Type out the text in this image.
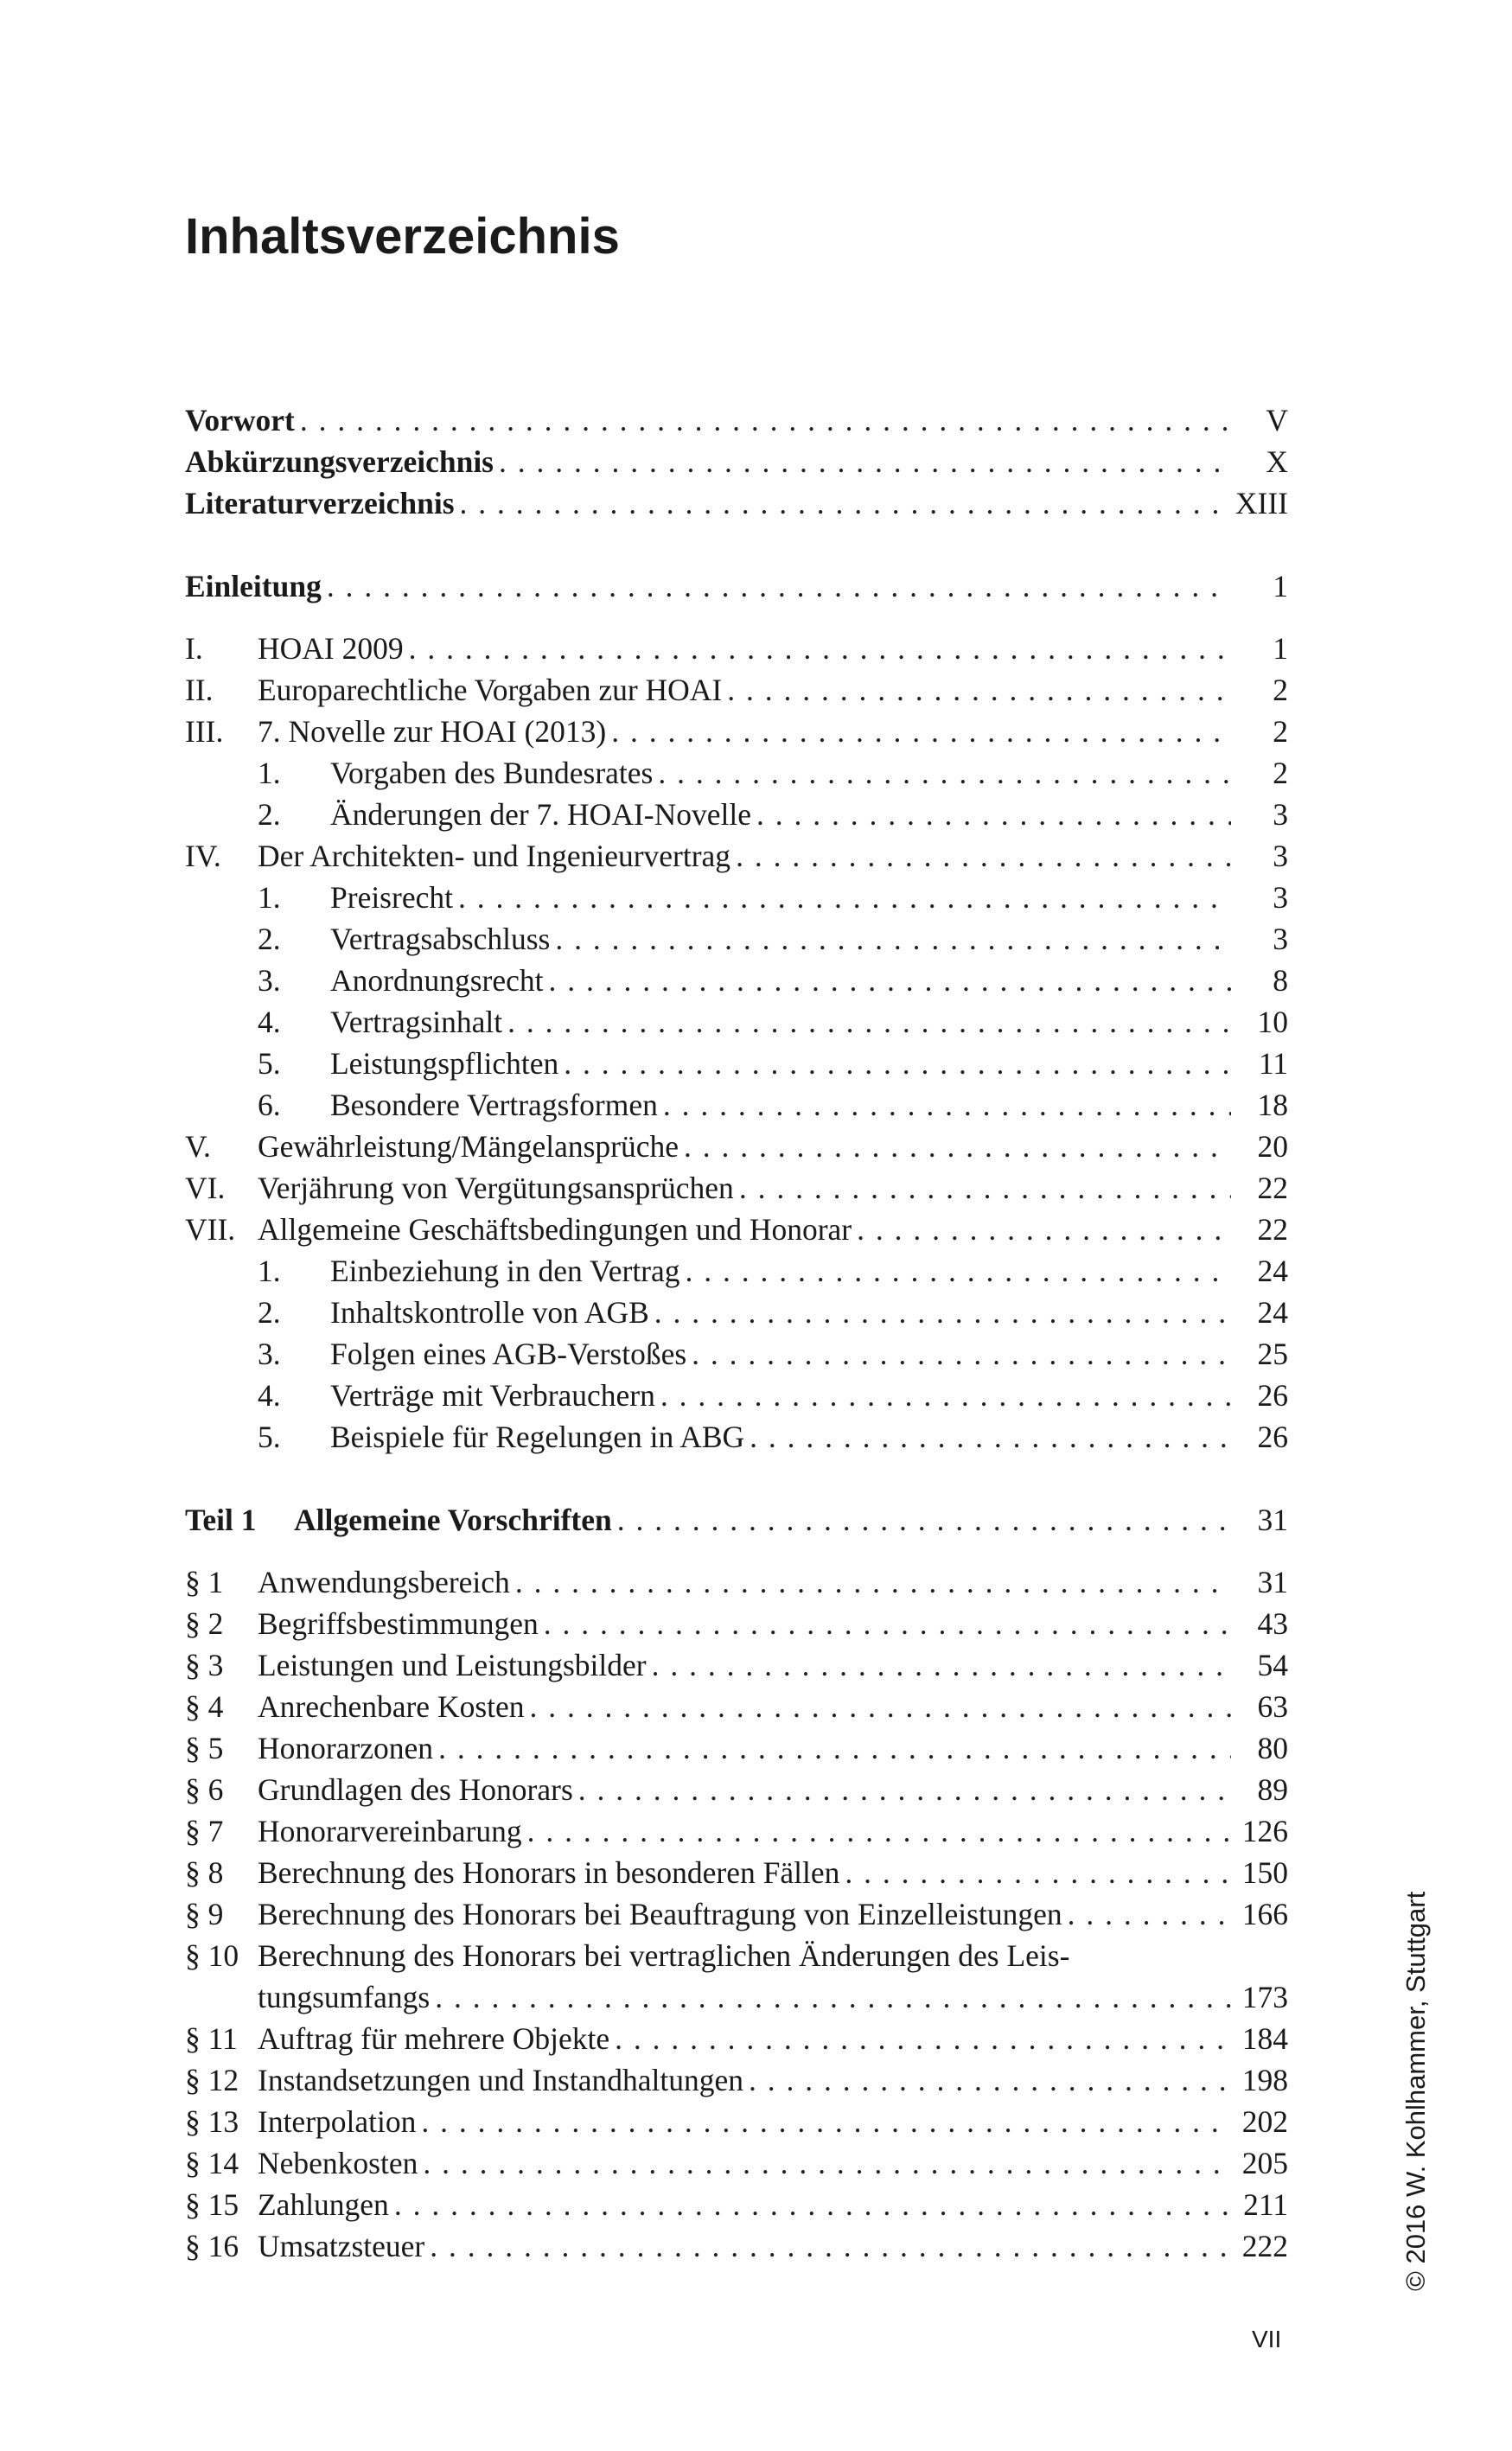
Inhaltsverzeichnis
Vorwort . . .	V
Abkürzungsverzeichnis . . .	X
Literaturverzeichnis . . .	XIII
Einleitung . . .	1
I.	HOAI 2009 . . .	1
II.	Europarechtliche Vorgaben zur HOAI . . .	2
III.	7. Novelle zur HOAI (2013) . . .	2
1.	Vorgaben des Bundesrates . . .	2
2.	Änderungen der 7. HOAI-Novelle . . .	3
IV.	Der Architekten- und Ingenieurvertrag . . .	3
1.	Preisrecht . . .	3
2.	Vertragsabschluss . . .	3
3.	Anordnungsrecht . . .	8
4.	Vertragsinhalt . . .	10
5.	Leistungspflichten . . .	11
6.	Besondere Vertragsformen . . .	18
V.	Gewährleistung/Mängelansprüche . . .	20
VI.	Verjährung von Vergütungsansprüchen . . .	22
VII. Allgemeine Geschäftsbedingungen und Honorar . . .	22
1.	Einbeziehung in den Vertrag . . .	24
2.	Inhaltskontrolle von AGB . . .	24
3.	Folgen eines AGB-Verstoßes . . .	25
4.	Verträge mit Verbrauchern . . .	26
5.	Beispiele für Regelungen in ABG . . .	26
Teil 1	Allgemeine Vorschriften . . .	31
§ 1	Anwendungsbereich . . .	31
§ 2	Begriffsbestimmungen . . .	43
§ 3	Leistungen und Leistungsbilder . . .	54
§ 4	Anrechenbare Kosten . . .	63
§ 5	Honorarzonen . . .	80
§ 6	Grundlagen des Honorars . . .	89
§ 7	Honorarvereinbarung . . .	126
§ 8	Berechnung des Honorars in besonderen Fällen . . .	150
§ 9	Berechnung des Honorars bei Beauftragung von Einzelleistungen . . .	166
§ 10 Berechnung des Honorars bei vertraglichen Änderungen des Leis-
tungsumfangs . . .	173
§ 11 Auftrag für mehrere Objekte . . .	184
§ 12 Instandsetzungen und Instandhaltungen . . .	198
§ 13 Interpolation . . .	202
§ 14 Nebenkosten . . .	205
§ 15 Zahlungen . . .	211
§ 16 Umsatzsteuer . . .	222	© 2016 W. Kohlhammer, Stuttgart
VII
